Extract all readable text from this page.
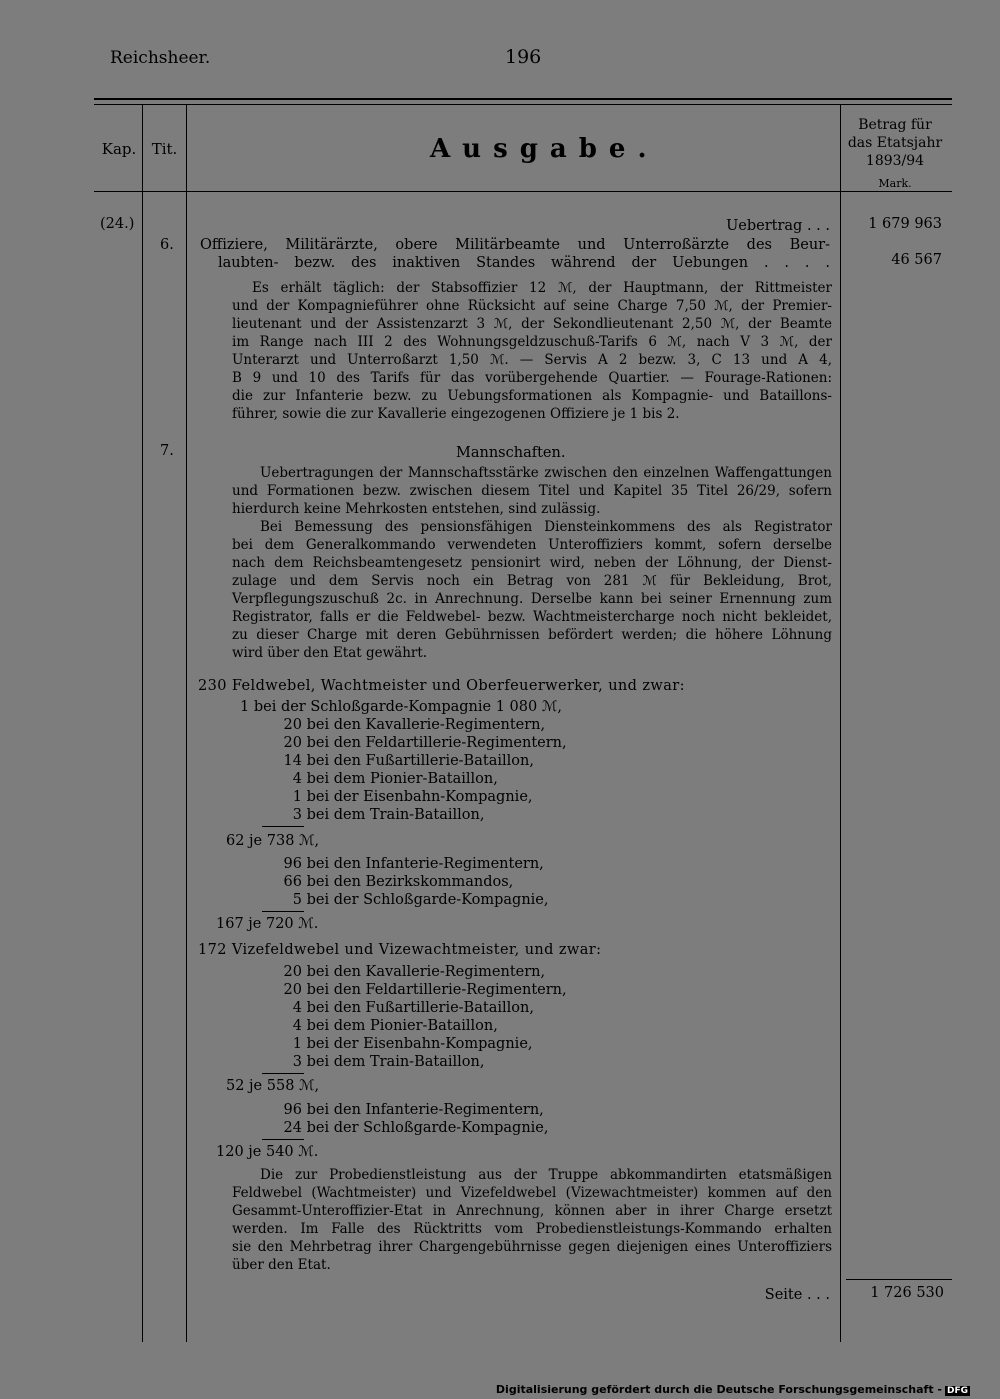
Reichsheer.	196
Kap.	Tit.	Ausgabe.
Betrag für
das Etatsjahr
1893/94
Mark.
(24.)	Uebertrag . . .	1 679 963
6. Offiziere, Militärärzte, obere Militärbeamte und Unterroßärzte des Beur-
laubten- bezw. des inaktiven Standes während der Uebungen . . . .	46 567
Es erhält täglich: der Stabsoffizier 12 ℳ, der Hauptmann, der Rittmeister
und der Kompagnieführer ohne Rücksicht auf seine Charge 7,50 ℳ, der Premier-
lieutenant und der Assistenzarzt 3 ℳ, der Sekondlieutenant 2,50 ℳ, der Beamte
im Range nach III 2 des Wohnungsgeldzuschuß-Tarifs 6 ℳ, nach V 3 ℳ, der
Unterarzt und Unterroßarzt 1,50 ℳ. — Servis A 2 bezw. 3, C 13 und A 4,
B 9 und 10 des Tarifs für das vorübergehende Quartier. — Fourage-Rationen:
die zur Infanterie bezw. zu Uebungsformationen als Kompagnie- und Bataillons-
führer, sowie die zur Kavallerie eingezogenen Offiziere je 1 bis 2.
7.	Mannschaften.
Uebertragungen der Mannschaftsstärke zwischen den einzelnen Waffengattungen
und Formationen bezw. zwischen diesem Titel und Kapitel 35 Titel 26/29, sofern
hierdurch keine Mehrkosten entstehen, sind zulässig.
Bei Bemessung des pensionsfähigen Diensteinkommens des als Registrator
bei dem Generalkommando verwendeten Unteroffiziers kommt, sofern derselbe
nach dem Reichsbeamtengesetz pensionirt wird, neben der Löhnung, der Dienst-
zulage und dem Servis noch ein Betrag von 281 ℳ für Bekleidung, Brot,
Verpflegungszuschuß 2c. in Anrechnung. Derselbe kann bei seiner Ernennung zum
Registrator, falls er die Feldwebel- bezw. Wachtmeistercharge noch nicht bekleidet,
zu dieser Charge mit deren Gebührnissen befördert werden; die höhere Löhnung
wird über den Etat gewährt.
230 Feldwebel, Wachtmeister und Oberfeuerwerker, und zwar:
1 bei der Schloßgarde-Kompagnie 1 080 ℳ,
20 bei den Kavallerie-Regimentern,
20 bei den Feldartillerie-Regimentern,
14 bei den Fußartillerie-Bataillon,
4 bei dem Pionier-Bataillon,
1 bei der Eisenbahn-Kompagnie,
3 bei dem Train-Bataillon,
62 je 738 ℳ,
96 bei den Infanterie-Regimentern,
66 bei den Bezirkskommandos,
5 bei der Schloßgarde-Kompagnie,
167 je 720 ℳ.
172 Vizefeldwebel und Vizewachtmeister, und zwar:
20 bei den Kavallerie-Regimentern,
20 bei den Feldartillerie-Regimentern,
4 bei den Fußartillerie-Bataillon,
4 bei dem Pionier-Bataillon,
1 bei der Eisenbahn-Kompagnie,
3 bei dem Train-Bataillon,
52 je 558 ℳ,
96 bei den Infanterie-Regimentern,
24 bei der Schloßgarde-Kompagnie,
120 je 540 ℳ.
Die zur Probedienstleistung aus der Truppe abkommandirten etatsmäßigen
Feldwebel (Wachtmeister) und Vizefeldwebel (Vizewachtmeister) kommen auf den
Gesammt-Unteroffizier-Etat in Anrechnung, können aber in ihrer Charge ersetzt
werden. Im Falle des Rücktritts vom Probedienstleistungs-Kommando erhalten
sie den Mehrbetrag ihrer Chargengebührnisse gegen diejenigen eines Unteroffiziers
über den Etat.
Seite . . .	1 726 530
Digitalisierung gefördert durch die Deutsche Forschungsgemeinschaft - DFG
